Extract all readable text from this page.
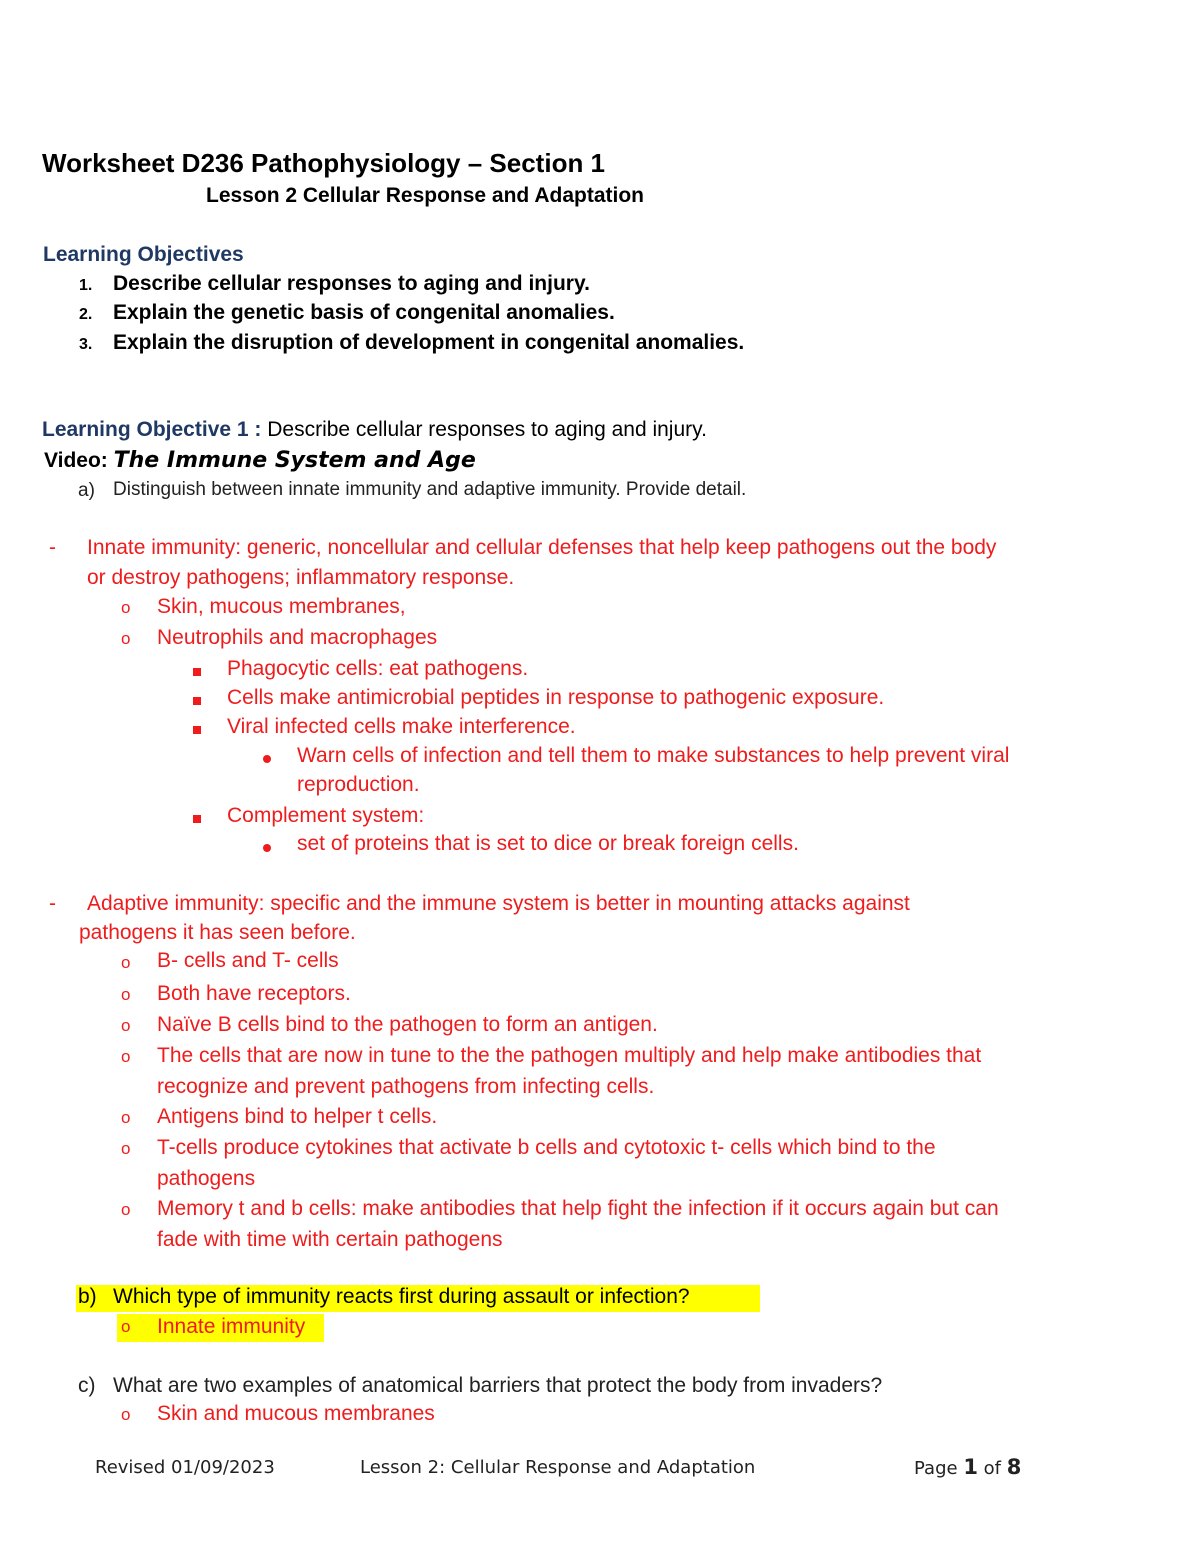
Worksheet D236 Pathophysiology – Section 1
Lesson 2 Cellular Response and Adaptation
Learning Objectives
1. Describe cellular responses to aging and injury.
2. Explain the genetic basis of congenital anomalies.
3. Explain the disruption of development in congenital anomalies.
Learning Objective 1 : Describe cellular responses to aging and injury.
Video: The Immune System and Age
a) Distinguish between innate immunity and adaptive immunity. Provide detail.
- Innate immunity: generic, noncellular and cellular defenses that help keep pathogens out the body
or destroy pathogens; inflammatory response.
o Skin, mucous membranes,
o Neutrophils and macrophages
Phagocytic cells: eat pathogens.
Cells make antimicrobial peptides in response to pathogenic exposure.
Viral infected cells make interference.
Warn cells of infection and tell them to make substances to help prevent viral
reproduction.
Complement system:
set of proteins that is set to dice or break foreign cells.
- Adaptive immunity: specific and the immune system is better in mounting attacks against
pathogens it has seen before.
o B- cells and T- cells
o Both have receptors.
o Naïve B cells bind to the pathogen to form an antigen.
o The cells that are now in tune to the the pathogen multiply and help make antibodies that
recognize and prevent pathogens from infecting cells.
o Antigens bind to helper t cells.
o T-cells produce cytokines that activate b cells and cytotoxic t- cells which bind to the
pathogens
o Memory t and b cells: make antibodies that help fight the infection if it occurs again but can
fade with time with certain pathogens
b) Which type of immunity reacts first during assault or infection?
o Innate immunity
c) What are two examples of anatomical barriers that protect the body from invaders?
o Skin and mucous membranes
Revised 01/09/2023	Lesson 2: Cellular Response and Adaptation	Page 1 of 8
